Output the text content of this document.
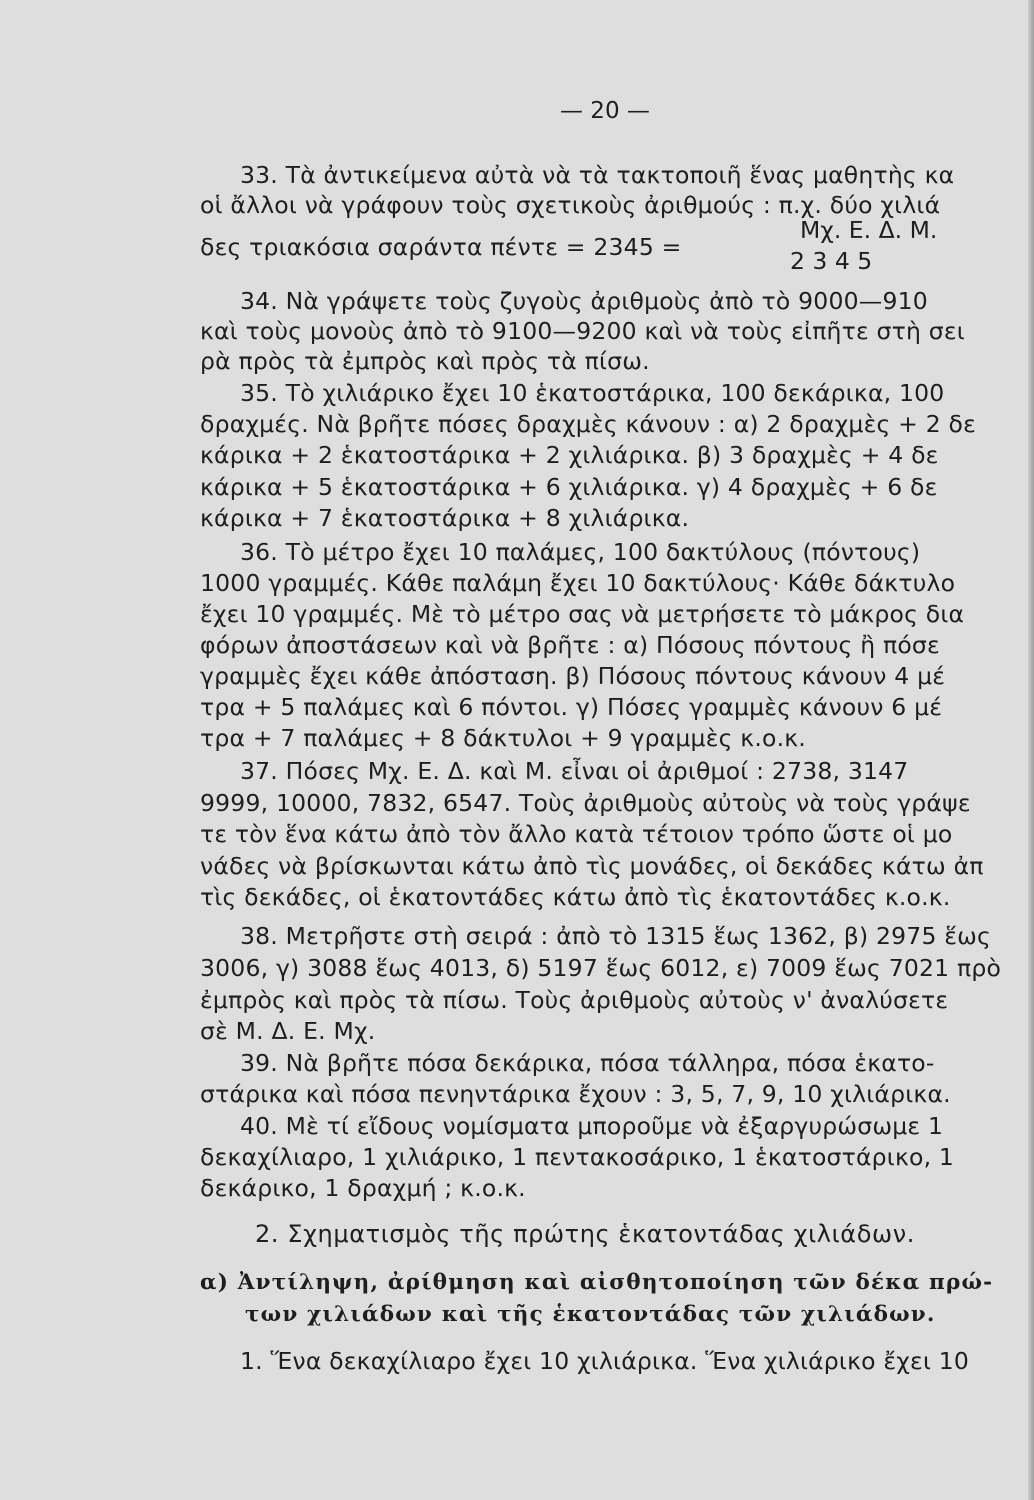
— 20 —
33. Τὰ ἀντικείμενα αὐτὰ νὰ τὰ τακτοποιῆ ἕνας μαθητὴς κα
οἱ ἄλλοι νὰ γράφουν τοὺς σχετικοὺς ἀριθμούς : π.χ. δύο χιλιά
Μχ. Ε. Δ. Μ.
δες τριακόσια σαράντα πέντε = 2345 =	2 3 4 5
34. Νὰ γράψετε τοὺς ζυγοὺς ἀριθμοὺς ἀπὸ τὸ 9000—910
καὶ τοὺς μονοὺς ἀπὸ τὸ 9100—9200 καὶ νὰ τοὺς εἰπῆτε στὴ σει
ρὰ πρὸς τὰ ἐμπρὸς καὶ πρὸς τὰ πίσω.
35. Τὸ χιλιάρικο ἔχει 10 ἑκατοστάρικα, 100 δεκάρικα, 100
δραχμές. Νὰ βρῆτε πόσες δραχμὲς κάνουν : α) 2 δραχμὲς + 2 δε
κάρικα + 2 ἑκατοστάρικα + 2 χιλιάρικα. β) 3 δραχμὲς + 4 δε
κάρικα + 5 ἑκατοστάρικα + 6 χιλιάρικα. γ) 4 δραχμὲς + 6 δε
κάρικα + 7 ἑκατοστάρικα + 8 χιλιάρικα.
36. Τὸ μέτρο ἔχει 10 παλάμες, 100 δακτύλους (πόντους)
1000 γραμμές. Κάθε παλάμη ἔχει 10 δακτύλους· Κάθε δάκτυλο
ἔχει 10 γραμμές. Μὲ τὸ μέτρο σας νὰ μετρήσετε τὸ μάκρος δια
φόρων ἀποστάσεων καὶ νὰ βρῆτε : α) Πόσους πόντους ἢ πόσε
γραμμὲς ἔχει κάθε ἀπόσταση. β) Πόσους πόντους κάνουν 4 μέ
τρα + 5 παλάμες καὶ 6 πόντοι. γ) Πόσες γραμμὲς κάνουν 6 μέ
τρα + 7 παλάμες + 8 δάκτυλοι + 9 γραμμὲς κ.ο.κ.
37. Πόσες Μχ. Ε. Δ. καὶ Μ. εἶναι οἱ ἀριθμοί : 2738, 3147
9999, 10000, 7832, 6547. Τοὺς ἀριθμοὺς αὐτοὺς νὰ τοὺς γράψε
τε τὸν ἕνα κάτω ἀπὸ τὸν ἄλλο κατὰ τέτοιον τρόπο ὥστε οἱ μο
νάδες νὰ βρίσκωνται κάτω ἀπὸ τὶς μονάδες, οἱ δεκάδες κάτω ἀπ
τὶς δεκάδες, οἱ ἑκατοντάδες κάτω ἀπὸ τὶς ἑκατοντάδες κ.ο.κ.
38. Μετρῆστε στὴ σειρά : ἀπὸ τὸ 1315 ἕως 1362, β) 2975 ἕως
3006, γ) 3088 ἕως 4013, δ) 5197 ἕως 6012, ε) 7009 ἕως 7021 πρὸ
ἐμπρὸς καὶ πρὸς τὰ πίσω. Τοὺς ἀριθμοὺς αὐτοὺς ν' ἀναλύσετε
σὲ Μ. Δ. Ε. Μχ.
39. Νὰ βρῆτε πόσα δεκάρικα, πόσα τάλληρα, πόσα ἑκατο-
στάρικα καὶ πόσα πενηντάρικα ἔχουν : 3, 5, 7, 9, 10 χιλιάρικα.
40. Μὲ τί εἴδους νομίσματα μποροῦμε νὰ ἐξαργυρώσωμε 1
δεκαχίλιαρο, 1 χιλιάρικο, 1 πεντακοσάρικο, 1 ἑκατοστάρικο, 1
δεκάρικο, 1 δραχμή ; κ.ο.κ.
2. Σχηματισμὸς τῆς πρώτης ἑκατοντάδας χιλιάδων.
α) Ἀντίληψη, ἀρίθμηση καὶ αἰσθητοποίηση τῶν δέκα πρώ-
των χιλιάδων καὶ τῆς ἑκατοντάδας τῶν χιλιάδων.
1. Ἕνα δεκαχίλιαρο ἔχει 10 χιλιάρικα. Ἕνα χιλιάρικο ἔχει 10
